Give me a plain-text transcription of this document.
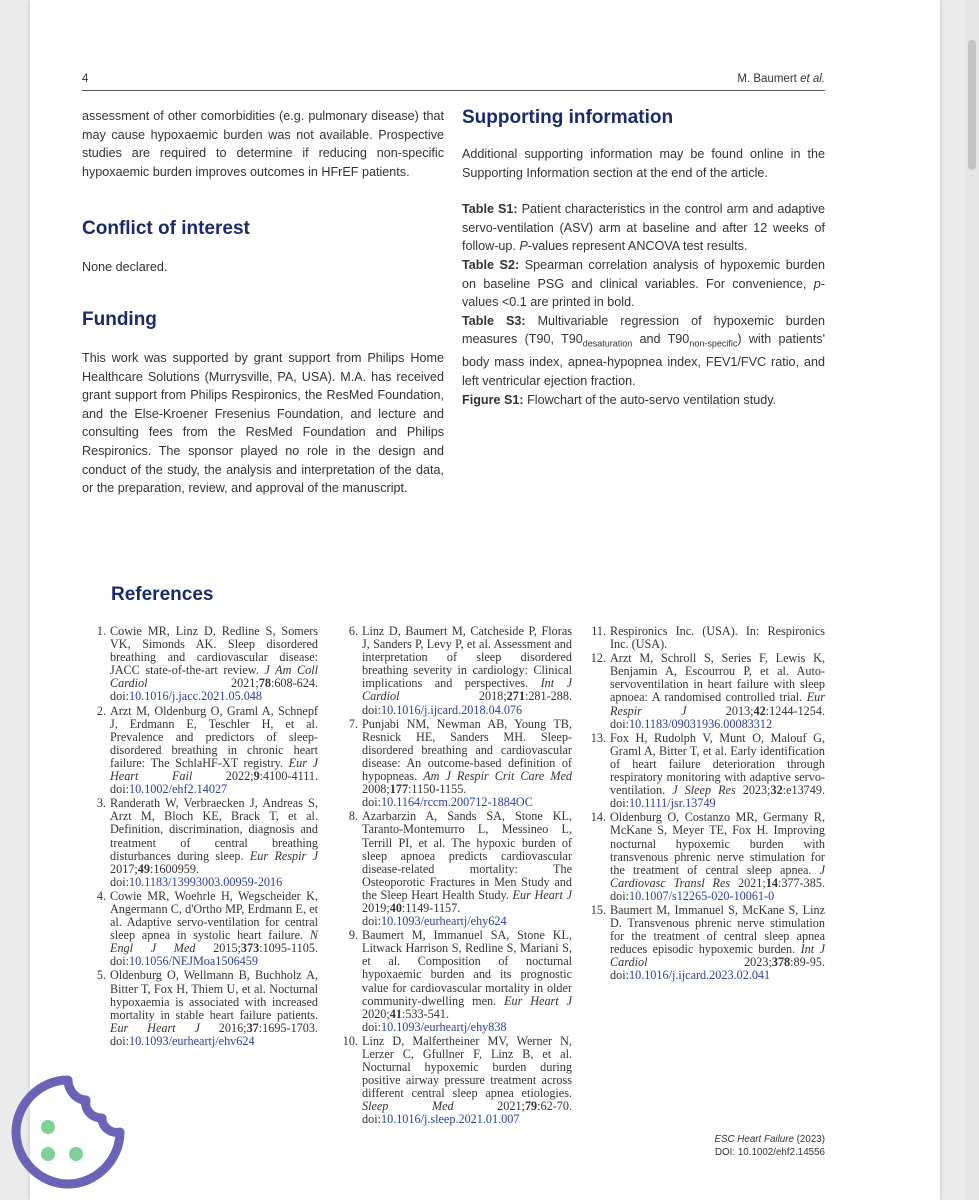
4	M. Baumert et al.

assessment of other comorbidities (e.g. pulmonary disease) that may cause hypoxaemic burden was not available. Prospective studies are required to determine if reducing non-specific hypoxaemic burden improves outcomes in HFrEF patients.

Conflict of interest

None declared.

Funding

This work was supported by grant support from Philips Home Healthcare Solutions (Murrysville, PA, USA). M.A. has received grant support from Philips Respironics, the ResMed Foundation, and the Else-Kroener Fresenius Foundation, and lecture and consulting fees from the ResMed Foundation and Philips Respironics. The sponsor played no role in the design and conduct of the study, the analysis and interpretation of the data, or the preparation, review, and approval of the manuscript.

Supporting information

Additional supporting information may be found online in the Supporting Information section at the end of the article.

Table S1: Patient characteristics in the control arm and adaptive servo-ventilation (ASV) arm at baseline and after 12 weeks of follow-up. P-values represent ANCOVA test results.

Table S2: Spearman correlation analysis of hypoxemic burden on baseline PSG and clinical variables. For convenience, p-values <0.1 are printed in bold.

Table S3: Multivariable regression of hypoxemic burden measures (T90, $T90_{desaturation}$ and $T90_{non-specific}$) with patients' body mass index, apnea-hypopnea index, FEV1/FVC ratio, and left ventricular ejection fraction.

Figure S1: Flowchart of the auto-servo ventilation study.

References
1. Cowie MR, Linz D, Redline S, Somers VK, Simonds AK. Sleep disordered breathing and cardiovascular disease: JACC state-of-the-art review. J Am Coll Cardiol 2021;78:608-624. doi:10.1016/j.jacc.2021.05.048
2. Arzt M, Oldenburg O, Graml A, Schnepf J, Erdmann E, Teschler H, et al. Prevalence and predictors of sleep-disordered breathing in chronic heart failure: The SchlaHF-XT registry. Eur J Heart Fail 2022;9:4100-4111. doi:10.1002/ehf2.14027
3. Randerath W, Verbraecken J, Andreas S, Arzt M, Bloch KE, Brack T, et al. Definition, discrimination, diagnosis and treatment of central breathing disturbances during sleep. Eur Respir J 2017;49:1600959. doi:10.1183/13993003.00959-2016
4. Cowie MR, Woehrle H, Wegscheider K, Angermann C, d'Ortho MP, Erdmann E, et al. Adaptive servo-ventilation for central sleep apnea in systolic heart failure. N Engl J Med 2015;373:1095-1105. doi:10.1056/NEJMoa1506459
5. Oldenburg O, Wellmann B, Buchholz A, Bitter T, Fox H, Thiem U, et al. Nocturnal hypoxaemia is associated with increased mortality in stable heart failure patients. Eur Heart J 2016;37:1695-1703. doi:10.1093/eurheartj/ehv624
6. Linz D, Baumert M, Catcheside P, Floras J, Sanders P, Levy P, et al. Assessment and interpretation of sleep disordered breathing severity in cardiology: Clinical implications and perspectives. Int J Cardiol 2018;271:281-288. doi:10.1016/j.ijcard.2018.04.076
7. Punjabi NM, Newman AB, Young TB, Resnick HE, Sanders MH. Sleep-disordered breathing and cardiovascular disease: An outcome-based definition of hypopneas. Am J Respir Crit Care Med 2008;177:1150-1155. doi:10.1164/rccm.200712-1884OC
8. Azarbarzin A, Sands SA, Stone KL, Taranto-Montemurro L, Messineo L, Terrill PI, et al. The hypoxic burden of sleep apnoea predicts cardiovascular disease-related mortality: The Osteoporotic Fractures in Men Study and the Sleep Heart Health Study. Eur Heart J 2019;40:1149-1157. doi:10.1093/eurheartj/ehy624
9. Baumert M, Immanuel SA, Stone KL, Litwack Harrison S, Redline S, Mariani S, et al. Composition of nocturnal hypoxaemic burden and its prognostic value for cardiovascular mortality in older community-dwelling men. Eur Heart J 2020;41:533-541. doi:10.1093/eurheartj/ehy838
10. Linz D, Malfertheiner MV, Werner N, Lerzer C, Gfullner F, Linz B, et al. Nocturnal hypoxemic burden during positive airway pressure treatment across different central sleep apnea etiologies. Sleep Med 2021;79:62-70. doi:10.1016/j.sleep.2021.01.007
11. Respironics Inc. (USA). In: Respironics Inc. (USA).
12. Arzt M, Schroll S, Series F, Lewis K, Benjamin A, Escourrou P, et al. Auto-servoventilation in heart failure with sleep apnoea: A randomised controlled trial. Eur Respir J 2013;42:1244-1254. doi:10.1183/09031936.00083312
13. Fox H, Rudolph V, Munt O, Malouf G, Graml A, Bitter T, et al. Early identification of heart failure deterioration through respiratory monitoring with adaptive servo-ventilation. J Sleep Res 2023;32:e13749. doi:10.1111/jsr.13749
14. Oldenburg O, Costanzo MR, Germany R, McKane S, Meyer TE, Fox H. Improving nocturnal hypoxemic burden with transvenous phrenic nerve stimulation for the treatment of central sleep apnea. J Cardiovasc Transl Res 2021;14:377-385. doi:10.1007/s12265-020-10061-0
15. Baumert M, Immanuel S, McKane S, Linz D. Transvenous phrenic nerve stimulation for the treatment of central sleep apnea reduces episodic hypoxemic burden. Int J Cardiol 2023;378:89-95. doi:10.1016/j.ijcard.2023.02.041
ESC Heart Failure (2023)
DOI: 10.1002/ehf2.14556
